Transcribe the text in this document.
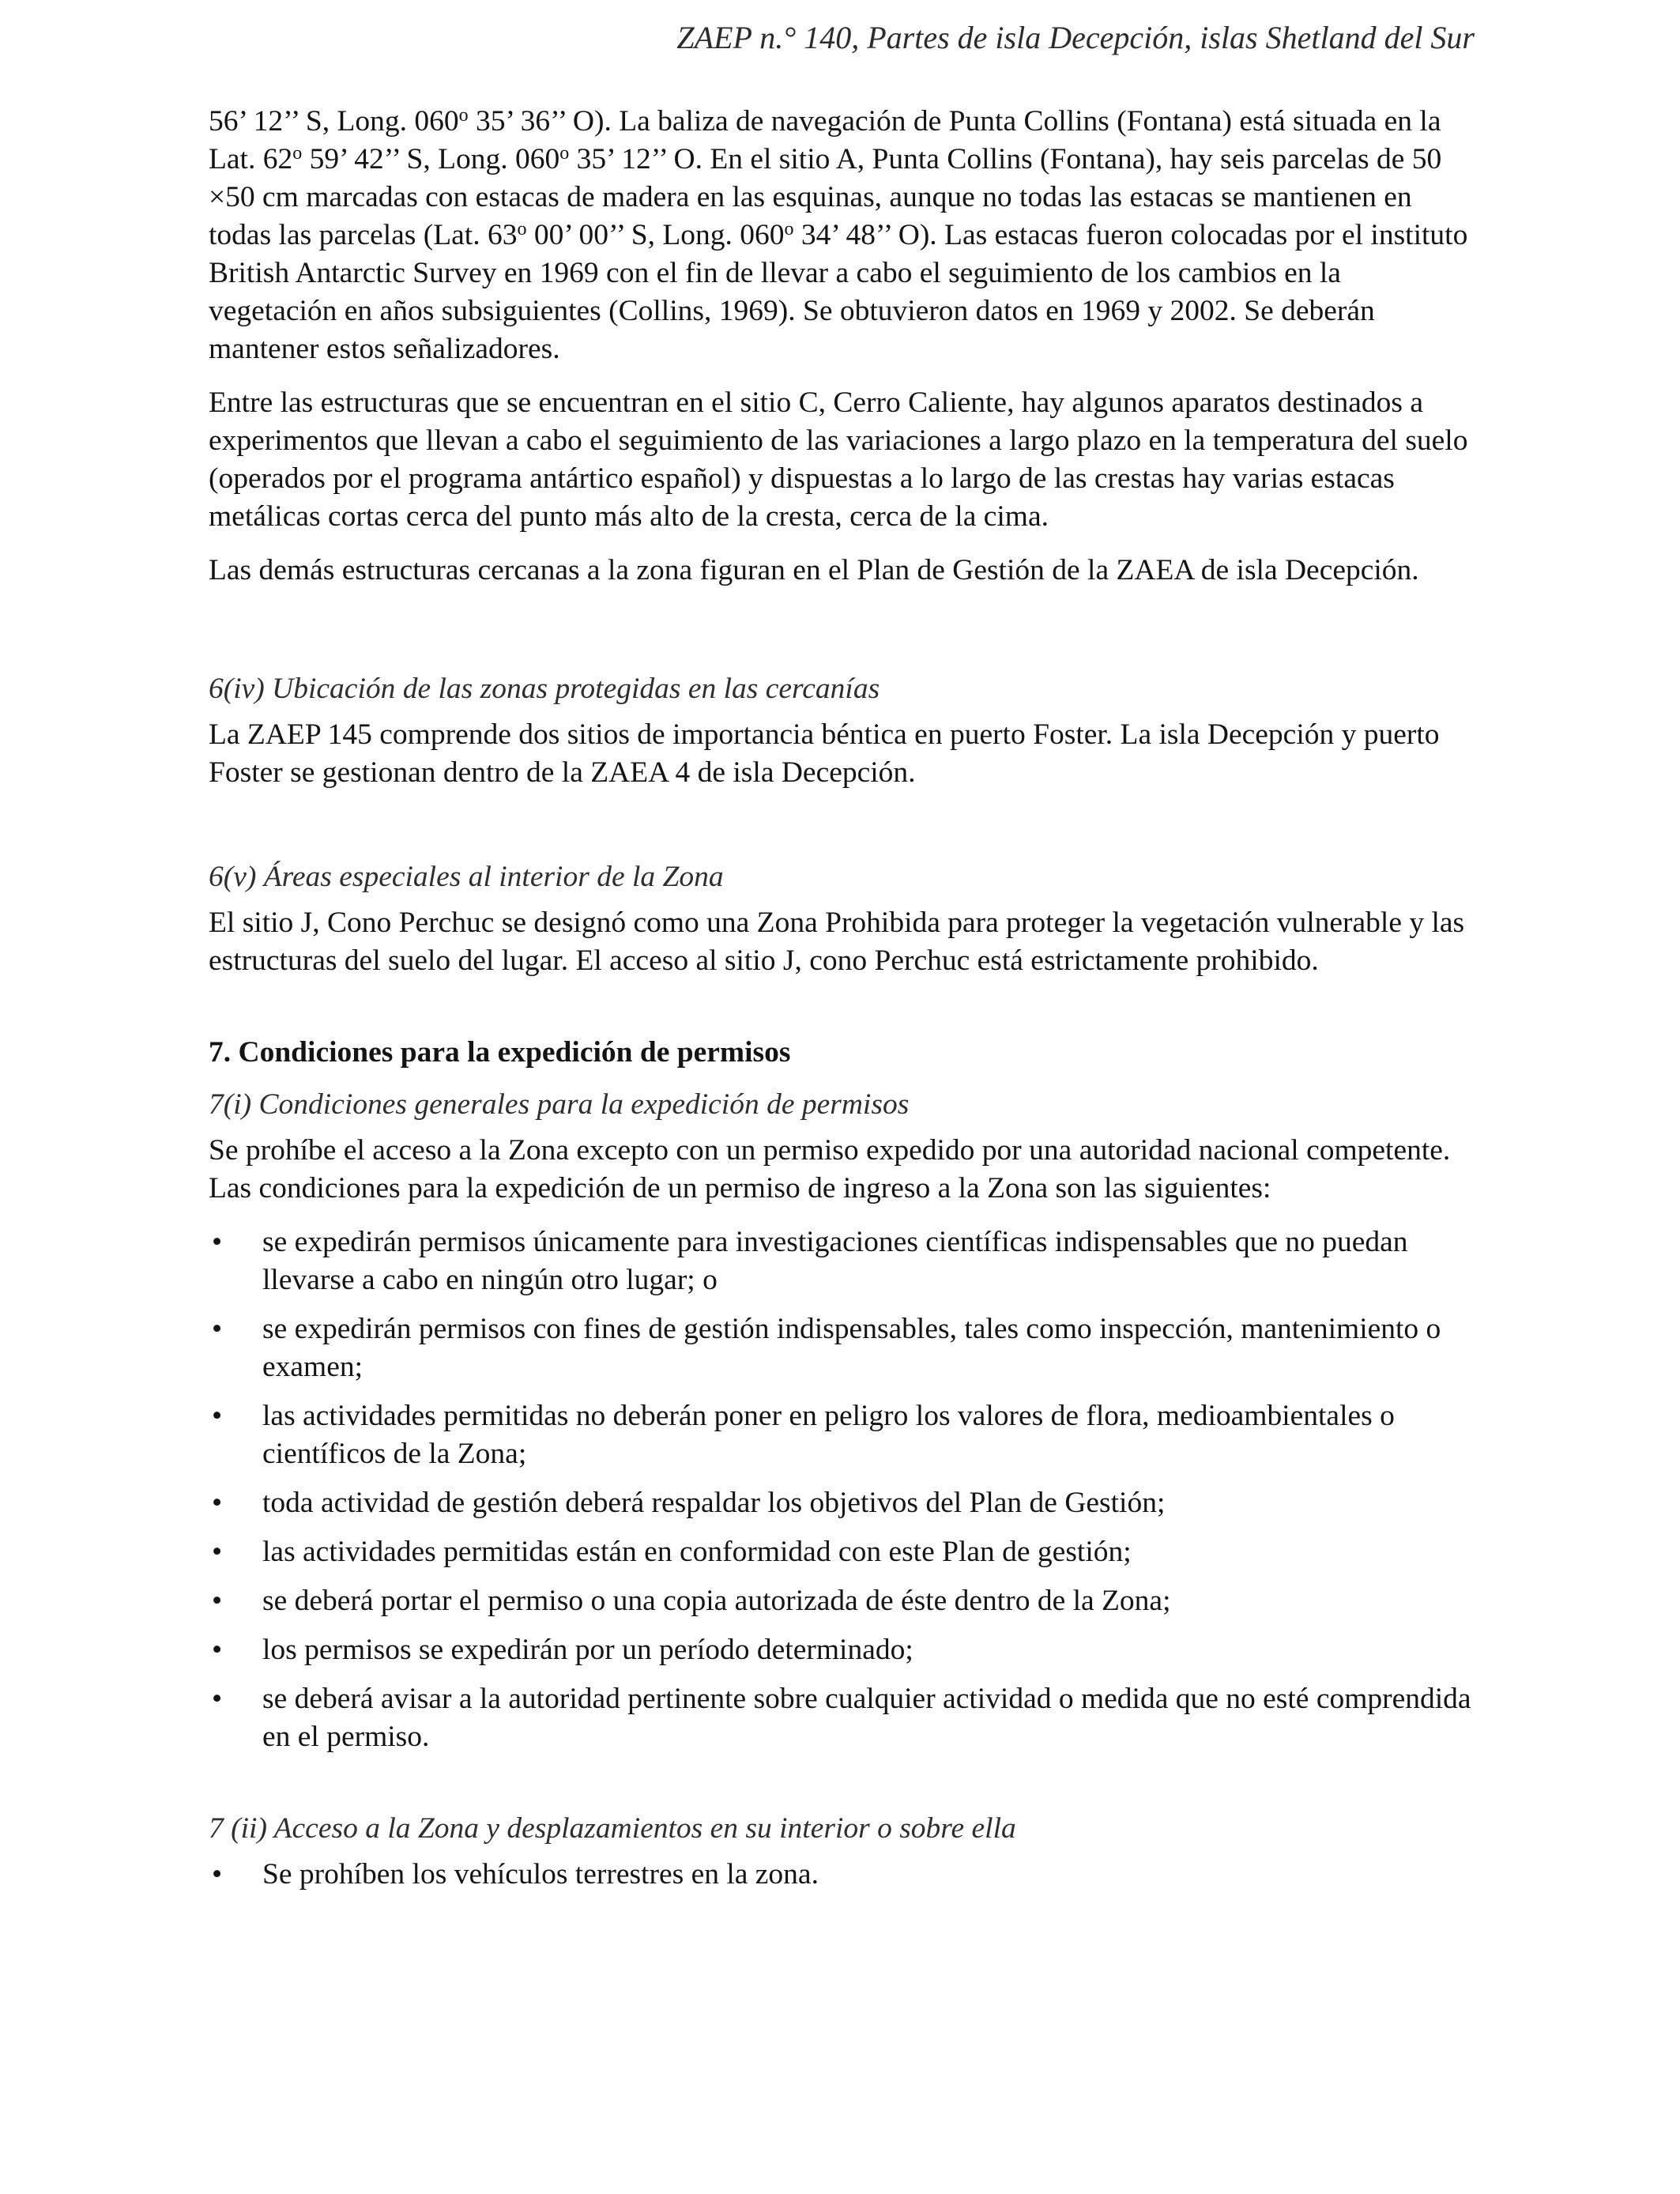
ZAEP n.° 140, Partes de isla Decepción, islas Shetland del Sur

56’ 12’’ S, Long. 060$^o$ 35’ 36’’ O). La baliza de navegación de Punta Collins (Fontana) está situada en la Lat. 62$^o$ 59’ 42’’ S, Long. 060$^o$ 35’ 12’’ O. En el sitio A, Punta Collins (Fontana), hay seis parcelas de 50 ×50 cm marcadas con estacas de madera en las esquinas, aunque no todas las estacas se mantienen en todas las parcelas (Lat. 63$^o$ 00’ 00’’ S, Long. 060$^o$ 34’ 48’’ O). Las estacas fueron colocadas por el instituto British Antarctic Survey en 1969 con el fin de llevar a cabo el seguimiento de los cambios en la vegetación en años subsiguientes (Collins, 1969). Se obtuvieron datos en 1969 y 2002. Se deberán mantener estos señalizadores.

Entre las estructuras que se encuentran en el sitio C, Cerro Caliente, hay algunos aparatos destinados a experimentos que llevan a cabo el seguimiento de las variaciones a largo plazo en la temperatura del suelo (operados por el programa antártico español) y dispuestas a lo largo de las crestas hay varias estacas metálicas cortas cerca del punto más alto de la cresta, cerca de la cima.

Las demás estructuras cercanas a la zona figuran en el Plan de Gestión de la ZAEA de isla Decepción.

6(iv) Ubicación de las zonas protegidas en las cercanías

La ZAEP 145 comprende dos sitios de importancia béntica en puerto Foster. La isla Decepción y puerto Foster se gestionan dentro de la ZAEA 4 de isla Decepción.

6(v) Áreas especiales al interior de la Zona

El sitio J, Cono Perchuc se designó como una Zona Prohibida para proteger la vegetación vulnerable y las estructuras del suelo del lugar. El acceso al sitio J, cono Perchuc está estrictamente prohibido.

7. Condiciones para la expedición de permisos

7(i) Condiciones generales para la expedición de permisos

Se prohíbe el acceso a la Zona excepto con un permiso expedido por una autoridad nacional competente. Las condiciones para la expedición de un permiso de ingreso a la Zona son las siguientes:

•	se expedirán permisos únicamente para investigaciones científicas indispensables que no puedan llevarse a cabo en ningún otro lugar; o
•	se expedirán permisos con fines de gestión indispensables, tales como inspección, mantenimiento o examen;
•	las actividades permitidas no deberán poner en peligro los valores de flora, medioambientales o científicos de la Zona;
•	toda actividad de gestión deberá respaldar los objetivos del Plan de Gestión;
•	las actividades permitidas están en conformidad con este Plan de gestión;
•	se deberá portar el permiso o una copia autorizada de éste dentro de la Zona;
•	los permisos se expedirán por un período determinado;
•	se deberá avisar a la autoridad pertinente sobre cualquier actividad o medida que no esté comprendida en el permiso.

7 (ii) Acceso a la Zona y desplazamientos en su interior o sobre ella

•	Se prohíben los vehículos terrestres en la zona.
